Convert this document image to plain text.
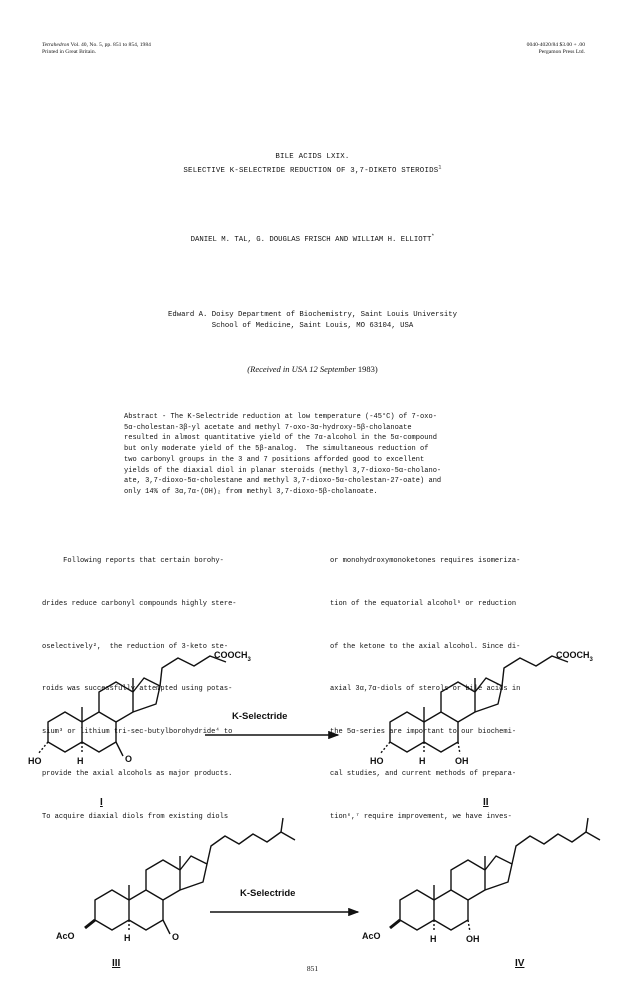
Tetrahedron Vol. 40, No. 5, pp. 851 to 854, 1984
Printed in Great Britain.
0040-4020/84 $3.00 + .00
Pergamon Press Ltd.
BILE ACIDS LXIX.
SELECTIVE K-SELECTRIDE REDUCTION OF 3,7-DIKETO STEROIDS$^1$
DANIEL M. TAL, G. DOUGLAS FRISCH AND WILLIAM H. ELLIOTT*
Edward A. Doisy Department of Biochemistry, Saint Louis University
School of Medicine, Saint Louis, MO 63104, USA
(Received in USA 12 September 1983)
Abstract - The K-Selectride reduction at low temperature (-45°C) of 7-oxo-
5α-cholestan-3β-yl acetate and methyl 7-oxo-3α-hydroxy-5β-cholanoate
resulted in almost quantitative yield of the 7α-alcohol in the 5α-compound
but only moderate yield of the 5β-analog.  The simultaneous reduction of
two carbonyl groups in the 3 and 7 positions afforded good to excellent
yields of the diaxial diol in planar steroids (methyl 3,7-dioxo-5α-cholano-
ate, 3,7-dioxo-5α-cholestane and methyl 3,7-dioxo-5α-cholestan-27-oate) and
only 14% of 3α,7α-(OH)₂ from methyl 3,7-dioxo-5β-cholanoate.

Following reports that certain borohy-

drides reduce carbonyl compounds highly stere-

oselectively²,  the reduction of 3-keto ste-

roids was successfully attempted using potas-

sium³ or lithium tri-sec-butylborohydride⁴ to

provide the axial alcohols as major products.

To acquire diaxial diols from existing diols

or monohydroxymonoketones requires isomeriza-

tion of the equatorial alcohol⁵ or reduction

of the ketone to the axial alcohol. Since di-

axial 3α,7α-diols of sterols or bile acids in

the 5α-series are important to our biochemi-

cal studies, and current methods of prepara-

tion⁶,⁷ require improvement, we have inves-

$COOCH_3$
HO	H	O
I
K-Selectride
$COOCH_3$
HO	H	OH
II
AcO	H	O
III
K-Selectride
AcO	H	OH
IV
851
